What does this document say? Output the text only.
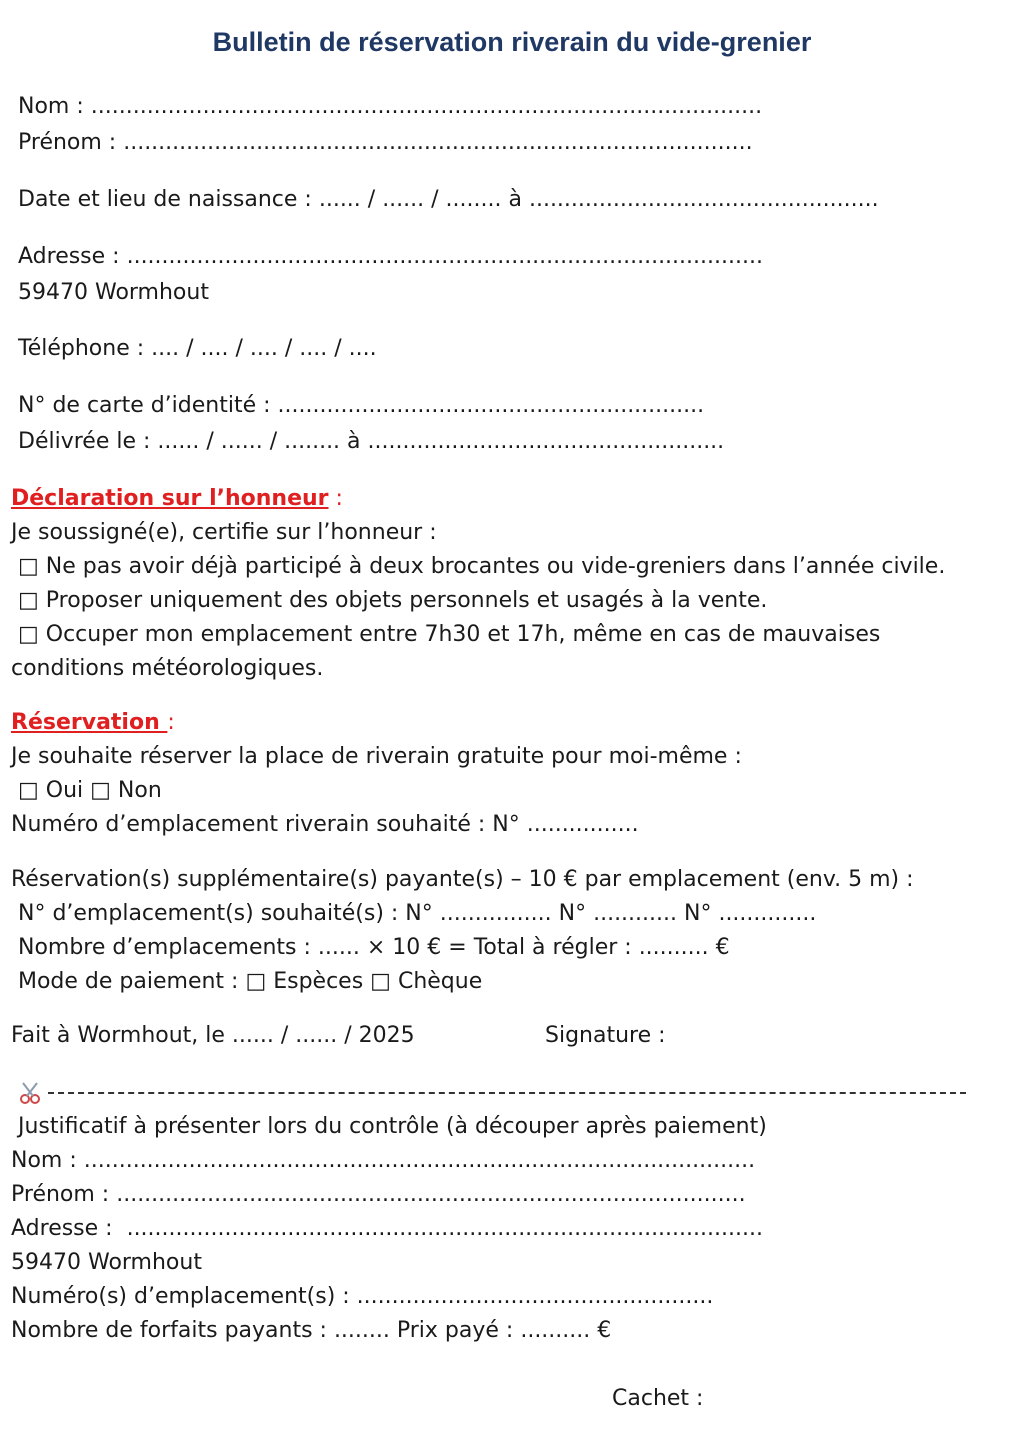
Bulletin de réservation riverain du vide-grenier
Nom : ................................................................................................
Prénom : ..........................................................................................
Date et lieu de naissance : ...... / ...... / ........ à ..................................................
Adresse : ...........................................................................................
59470 Wormhout
Téléphone : .... / .... / .... / .... / ....
N° de carte d’identité : .............................................................
Délivrée le : ...... / ...... / ........ à ...................................................
Déclaration sur l’honneur :
Je soussigné(e), certifie sur l’honneur :
□ Ne pas avoir déjà participé à deux brocantes ou vide-greniers dans l’année civile.
□ Proposer uniquement des objets personnels et usagés à la vente.
□ Occuper mon emplacement entre 7h30 et 17h, même en cas de mauvaises
conditions météorologiques.
Réservation :
Je souhaite réserver la place de riverain gratuite pour moi-même :
□ Oui □ Non
Numéro d’emplacement riverain souhaité : N° ................
Réservation(s) supplémentaire(s) payante(s) – 10 € par emplacement (env. 5 m) :
N° d’emplacement(s) souhaité(s) : N° ................ N° ............ N° ..............
Nombre d’emplacements : ...... × 10 € = Total à régler : .......... €
Mode de paiement : □ Espèces □ Chèque
Fait à Wormhout, le ...... / ...... / 2025	Signature :
Justificatif à présenter lors du contrôle (à découper après paiement)
Nom : ................................................................................................
Prénom : ..........................................................................................
Adresse :  ...........................................................................................
59470 Wormhout
Numéro(s) d’emplacement(s) : ...................................................
Nombre de forfaits payants : ........ Prix payé : .......... €
Cachet :
